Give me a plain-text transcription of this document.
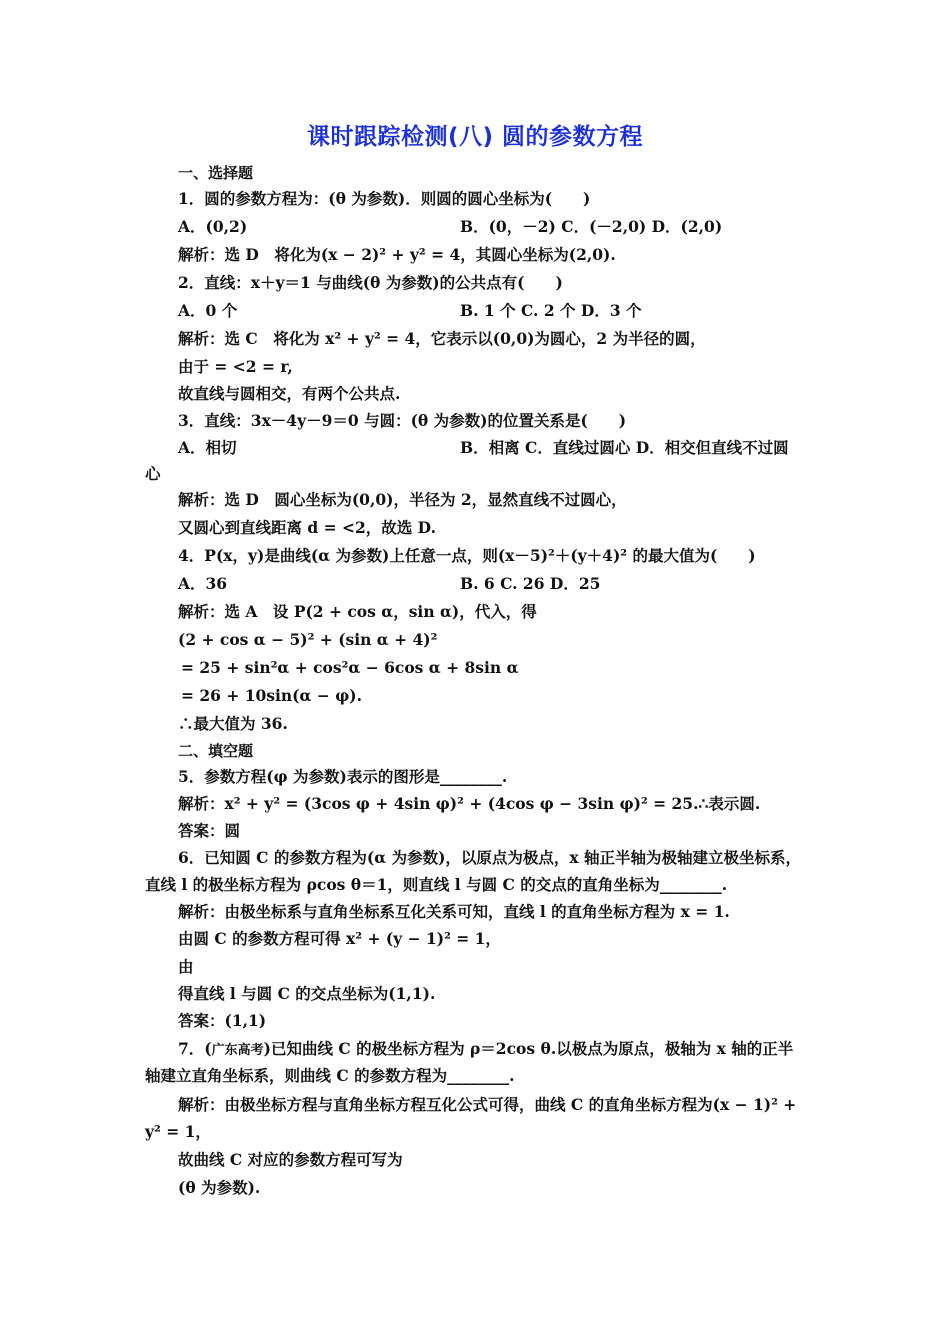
课时跟踪检测(八) 圆的参数方程
一、选择题
1．圆的参数方程为：(θ 为参数)．则圆的圆心坐标为(　　)
A．(0,2)	B．(0，－2) C．(－2,0) D．(2,0)
解析：选 D　将化为(x − 2)² + y² = 4，其圆心坐标为(2,0).
2．直线：x＋y＝1 与曲线(θ 为参数)的公共点有(　　)
A．0 个	B. 1 个 C. 2 个 D．3 个
解析：选 C　将化为 x² + y² = 4，它表示以(0,0)为圆心，2 为半径的圆，
由于 = <2 = r,
故直线与圆相交，有两个公共点.
3．直线：3x－4y－9＝0 与圆：(θ 为参数)的位置关系是(　　)
A．相切	B．相离 C．直线过圆心 D．相交但直线不过圆
心
解析：选 D　圆心坐标为(0,0)，半径为 2，显然直线不过圆心，
又圆心到直线距离 d = <2，故选 D.
4．P(x，y)是曲线(α 为参数)上任意一点，则(x－5)²＋(y＋4)² 的最大值为(　　)
A．36	B. 6 C. 26 D．25
解析：选 A　设 P(2 + cos α，sin α)，代入，得
(2 + cos α − 5)² + (sin α + 4)²
= 25 + sin²α + cos²α − 6cos α + 8sin α
= 26 + 10sin(α − φ).
∴最大值为 36.
二、填空题
5．参数方程(φ 为参数)表示的图形是________.
解析：x² + y² = (3cos φ + 4sin φ)² + (4cos φ − 3sin φ)² = 25.∴表示圆.
答案：圆
6．已知圆 C 的参数方程为(α 为参数)，以原点为极点，x 轴正半轴为极轴建立极坐标系，
直线 l 的极坐标方程为 ρcos θ＝1，则直线 l 与圆 C 的交点的直角坐标为________.
解析：由极坐标系与直角坐标系互化关系可知，直线 l 的直角坐标方程为 x = 1.
由圆 C 的参数方程可得 x² + (y − 1)² = 1，
由
得直线 l 与圆 C 的交点坐标为(1,1).
答案：(1,1)
7．(广东高考)已知曲线 C 的极坐标方程为 ρ＝2cos θ.以极点为原点，极轴为 x 轴的正半
轴建立直角坐标系，则曲线 C 的参数方程为________.
解析：由极坐标方程与直角坐标方程互化公式可得，曲线 C 的直角坐标方程为(x − 1)² +
y² = 1，
故曲线 C 对应的参数方程可写为
(θ 为参数).
